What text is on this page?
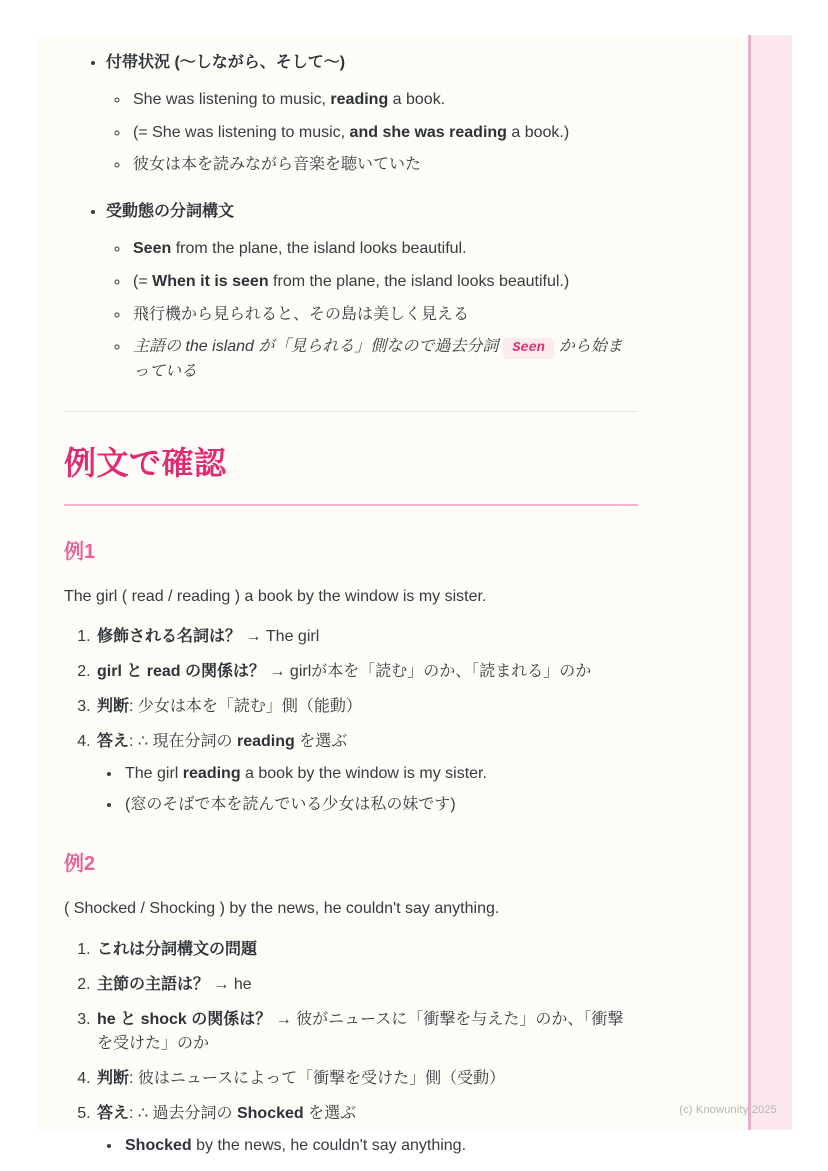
• 付帯状況 (〜しながら、そして〜)
◦ She was listening to music, reading a book.
◦ (= She was listening to music, and she was reading a book.)
◦ 彼女は本を読みながら音楽を聴いていた
• 受動態の分詞構文
◦ Seen from the plane, the island looks beautiful.
◦ (= When it is seen from the plane, the island looks beautiful.)
◦ 飛行機から見られると、その島は美しく見える
◦ 主語の the island が「見られる」側なので過去分詞 Seen から始まっている
例文で確認
例1

The girl ( read / reading ) a book by the window is my sister.

1. 修飾される名詞は？ → The girl
2. girl と read の関係は？ → girlが本を「読む」のか、「読まれる」のか
3. 判断: 少女は本を「読む」側（能動）
4. 答え: ∴ 現在分詞の reading を選ぶ
• The girl reading a book by the window is my sister.
• (窓のそばで本を読んでいる少女は私の妹です)
例2

( Shocked / Shocking ) by the news, he couldn't say anything.

1. これは分詞構文の問題
2. 主節の主語は？ → he
3. he と shock の関係は？ → 彼がニュースに「衝撃を与えた」のか、「衝撃を受けた」のか
4. 判断: 彼はニュースによって「衝撃を受けた」側（受動）
5. 答え: ∴ 過去分詞の Shocked を選ぶ
• Shocked by the news, he couldn't say anything.
(c) Knowunity 2025
